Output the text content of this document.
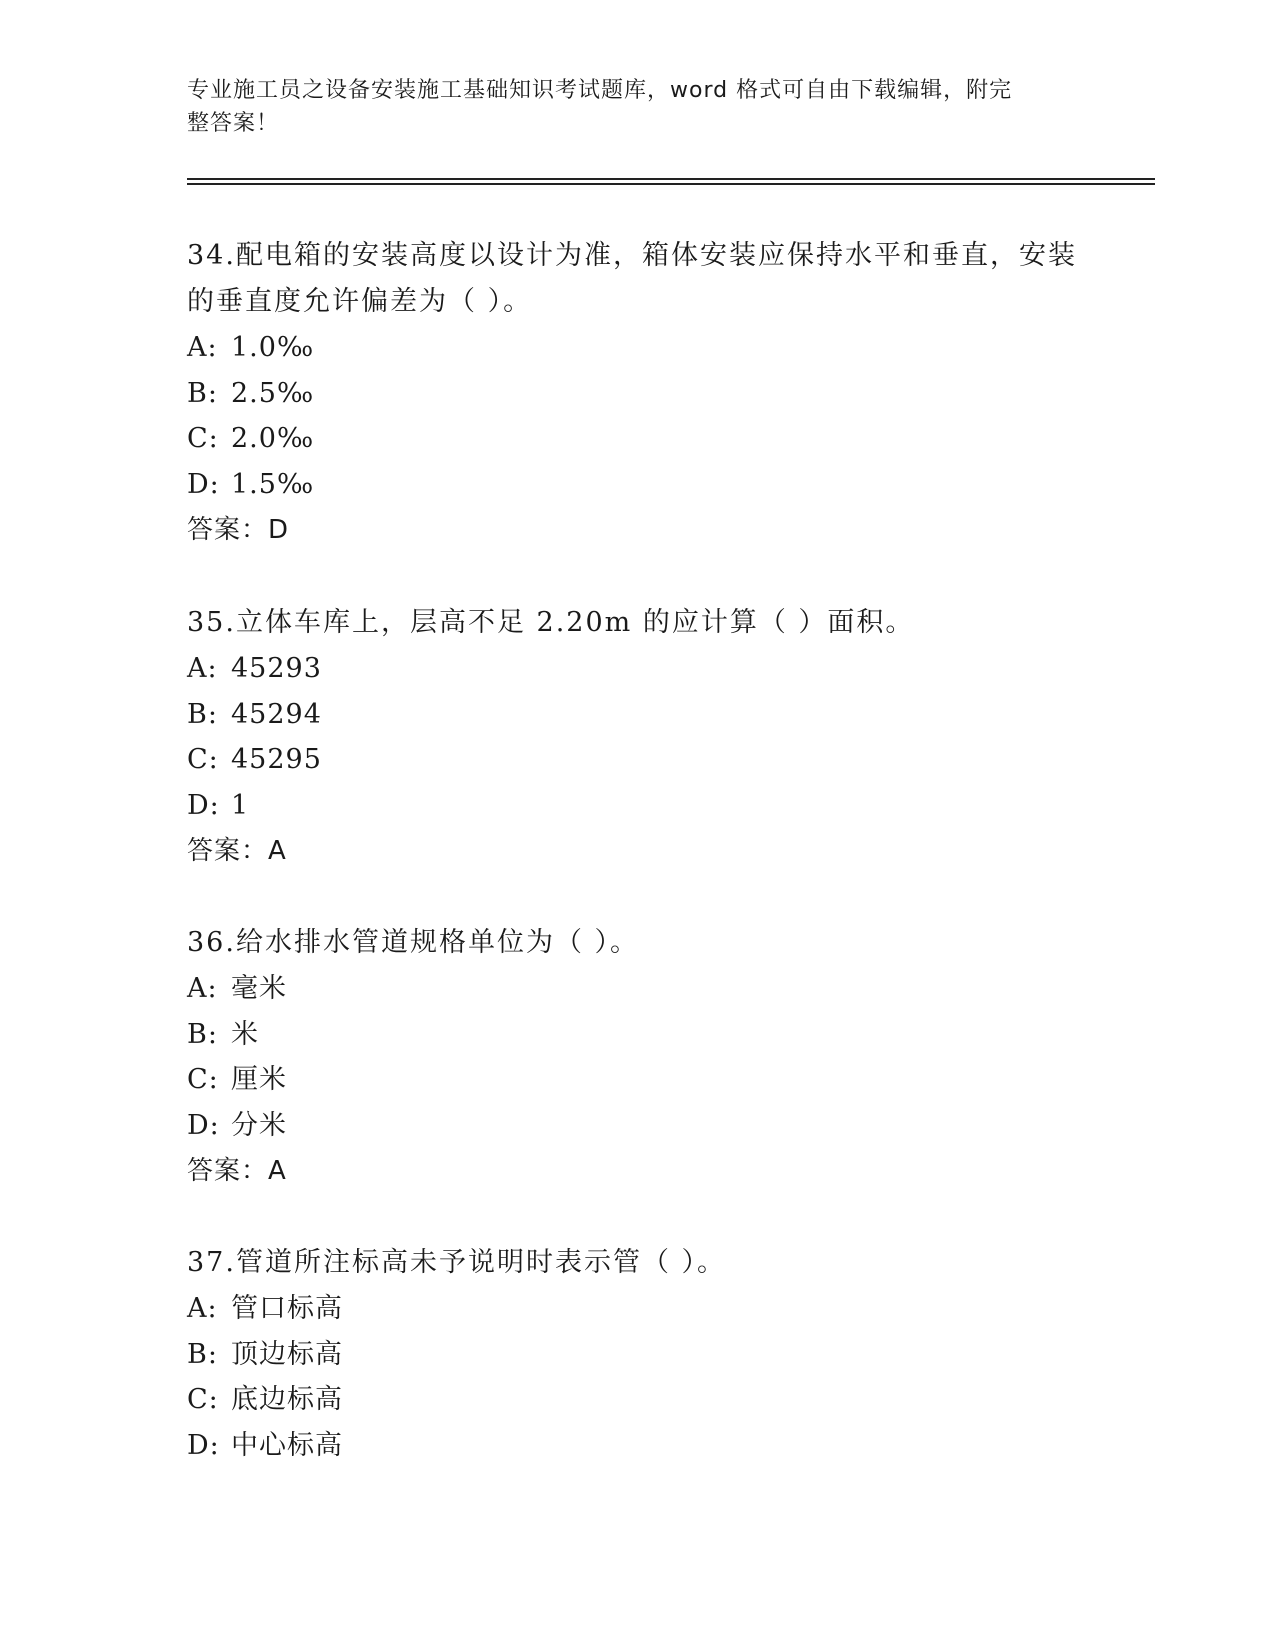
专业施工员之设备安装施工基础知识考试题库，word 格式可自由下载编辑，附完
整答案！
34.配电箱的安装高度以设计为准，箱体安装应保持水平和垂直，安装
的垂直度允许偏差为（ ）。
A: 1.0‰
B: 2.5‰
C: 2.0‰
D: 1.5‰
答案：D
35.立体车库上，层高不足 2.20m 的应计算（ ）面积。
A: 45293
B: 45294
C: 45295
D: 1
答案：A
36.给水排水管道规格单位为（ ）。
A: 毫米
B: 米
C: 厘米
D: 分米
答案：A
37.管道所注标高未予说明时表示管（ ）。
A: 管口标高
B: 顶边标高
C: 底边标高
D: 中心标高
